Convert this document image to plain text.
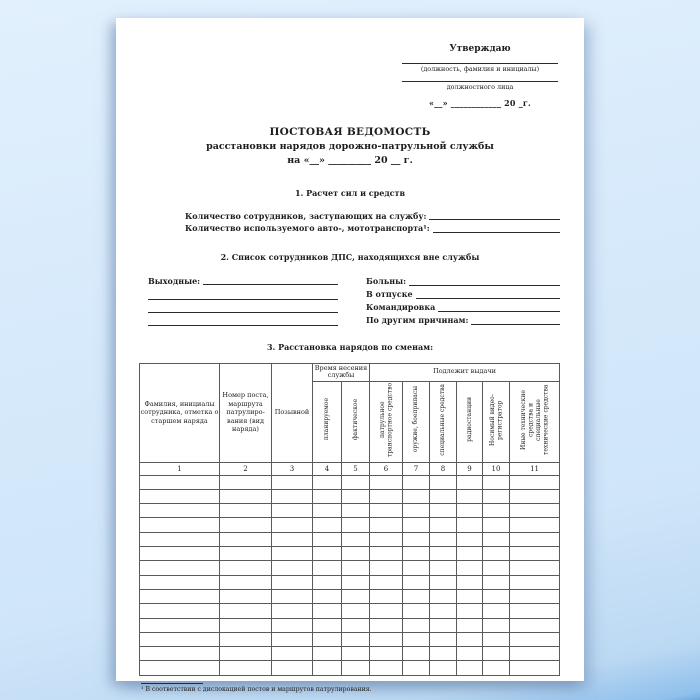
Утверждаю
(должность, фамилия и инициалы)
должностного лица
«__» ____________ 20 _г.
ПОСТОВАЯ ВЕДОМОСТЬ
расстановки нарядов дорожно-патрульной службы
на «__» _________ 20 __ г.
1. Расчет сил и средств
Количество сотрудников, заступающих на службу:
Количество используемого авто-, мототранспорта¹:
2. Список сотрудников ДПС, находящихся вне службы
Выходные:	Больны:
В отпуске
Командировка
По другим причинам:
3. Расстановка нарядов по сменам:
Фамилия, инициалы сотрудника, отметка о старшем наряда	Номер поста, маршрута патрулирования (вид наряда)	Позывной	Время несения службы		Подлежит выдачи					
			планируемое	фактическое	патрульное транспортное средство	оружие, боеприпасы	специальные средства	радиостанции	Носимый видео-регистратор	Иные технические средства и специальные технические средства
1	2	3	4	5	6	7	8	9	10	11

¹ В соответствии с дислокацией постов и маршрутов патрулирования.
